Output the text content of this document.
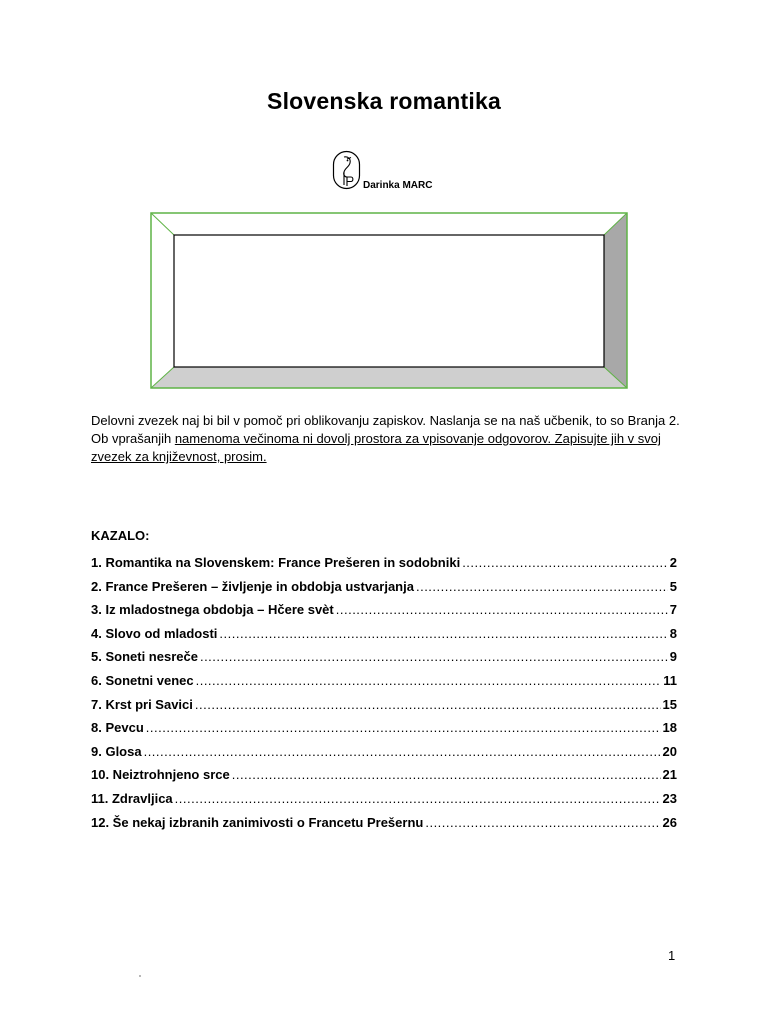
Slovenska romantika
Darinka MARC

Delovni zvezek naj bi bil v pomoč pri oblikovanju zapiskov. Naslanja se na naš učbenik, to so Branja 2. Ob vprašanjih namenoma večinoma ni dovolj prostora za vpisovanje odgovorov. Zapisujte jih v svoj zvezek za književnost, prosim.

KAZALO:
1. Romantika na Slovenskem: France Prešeren in sodobniki .....	2
2. France Prešeren – življenje in obdobja ustvarjanja .....	5
3. Iz mladostnega obdobja – Hčere svèt .....	7
4. Slovo od mladosti .....	8
5. Soneti nesreče .....	9
6. Sonetni venec .....	11
7. Krst pri Savici .....	15
8. Pevcu .....	18
9. Glosa .....	20
10. Neiztrohnjeno srce .....	21
11. Zdravljica .....	23
12. Še nekaj izbranih zanimivosti o Francetu Prešernu .....	26
1
